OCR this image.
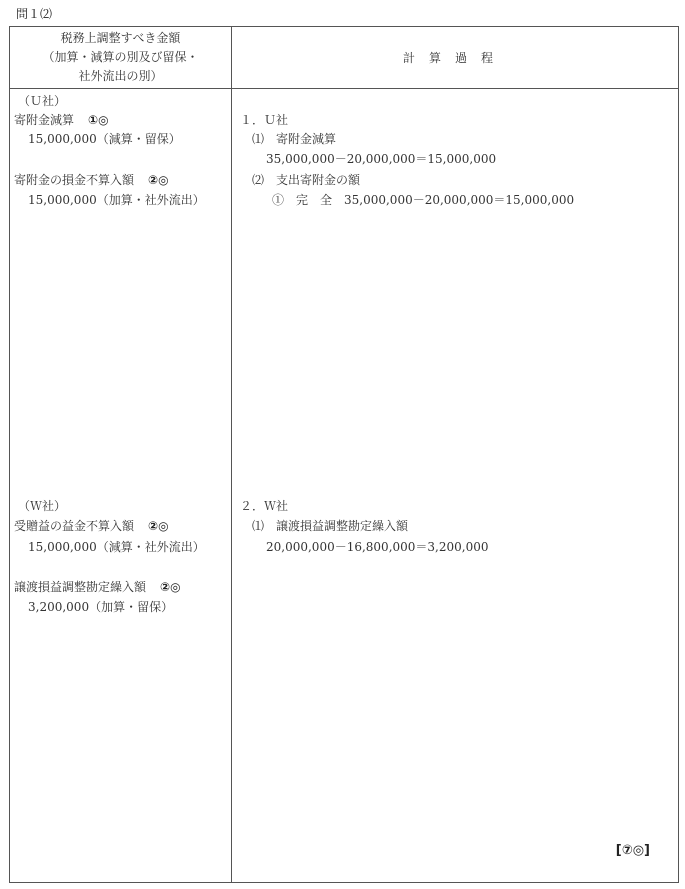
問１⑵
税務上調整すべき金額
（加算・減算の別及び留保・
社外流出の別）
計算過程
（Ｕ社）
寄附金減算 ①◎
15,000,000（減算・留保）
寄附金の損金不算入額 ②◎
15,000,000（加算・社外流出）
（Ｗ社）
受贈益の益金不算入額 ②◎
15,000,000（減算・社外流出）
譲渡損益調整勘定繰入額 ②◎
3,200,000（加算・留保）
１．Ｕ社
⑴　寄附金減算
35,000,000－20,000,000＝15,000,000
⑵　支出寄附金の額
①　完　全　35,000,000－20,000,000＝15,000,000
２．Ｗ社
⑴　譲渡損益調整勘定繰入額
20,000,000－16,800,000＝3,200,000
[⑦◎]
